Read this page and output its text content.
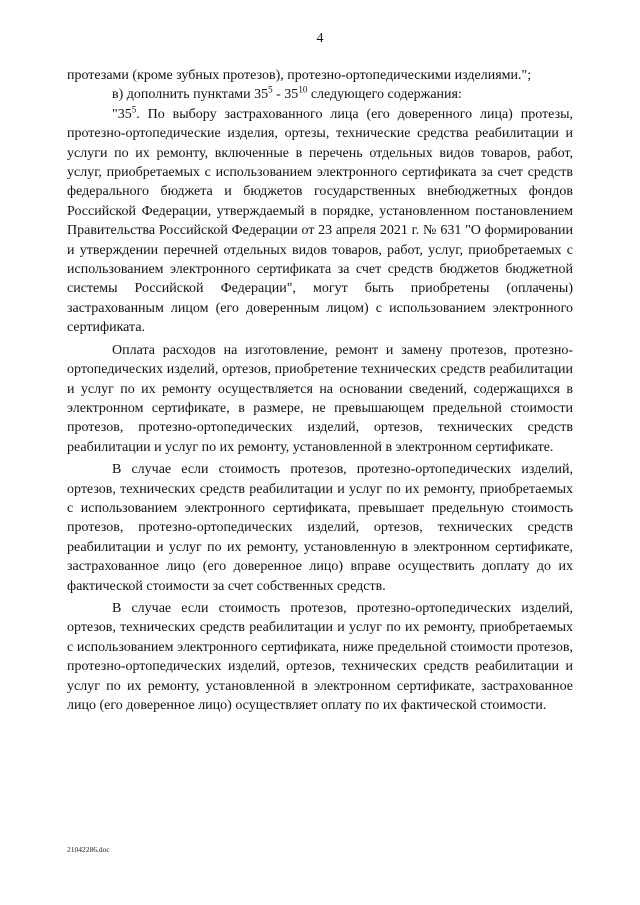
4

протезами (кроме зубных протезов), протезно-ортопедическими изделиями.";

в) дополнить пунктами $35^5 - 35^{10}$ следующего содержания:

"$35^5$. По выбору застрахованного лица (его доверенного лица) протезы, протезно-ортопедические изделия, ортезы, технические средства реабилитации и услуги по их ремонту, включенные в перечень отдельных видов товаров, работ, услуг, приобретаемых с использованием электронного сертификата за счет средств федерального бюджета и бюджетов государственных внебюджетных фондов Российской Федерации, утверждаемый в порядке, установленном постановлением Правительства Российской Федерации от 23 апреля 2021 г. № 631 "О формировании и утверждении перечней отдельных видов товаров, работ, услуг, приобретаемых с использованием электронного сертификата за счет средств бюджетов бюджетной системы Российской Федерации", могут быть приобретены (оплачены) застрахованным лицом (его доверенным лицом) с использованием электронного сертификата.

Оплата расходов на изготовление, ремонт и замену протезов, протезно-ортопедических изделий, ортезов, приобретение технических средств реабилитации и услуг по их ремонту осуществляется на основании сведений, содержащихся в электронном сертификате, в размере, не превышающем предельной стоимости протезов, протезно-ортопедических изделий, ортезов, технических средств реабилитации и услуг по их ремонту, установленной в электронном сертификате.

В случае если стоимость протезов, протезно-ортопедических изделий, ортезов, технических средств реабилитации и услуг по их ремонту, приобретаемых с использованием электронного сертификата, превышает предельную стоимость протезов, протезно-ортопедических изделий, ортезов, технических средств реабилитации и услуг по их ремонту, установленную в электронном сертификате, застрахованное лицо (его доверенное лицо) вправе осуществить доплату до их фактической стоимости за счет собственных средств.

В случае если стоимость протезов, протезно-ортопедических изделий, ортезов, технических средств реабилитации и услуг по их ремонту, приобретаемых с использованием электронного сертификата, ниже предельной стоимости протезов, протезно-ортопедических изделий, ортезов, технических средств реабилитации и услуг по их ремонту, установленной в электронном сертификате, застрахованное лицо (его доверенное лицо) осуществляет оплату по их фактической стоимости.

21042286.doc
